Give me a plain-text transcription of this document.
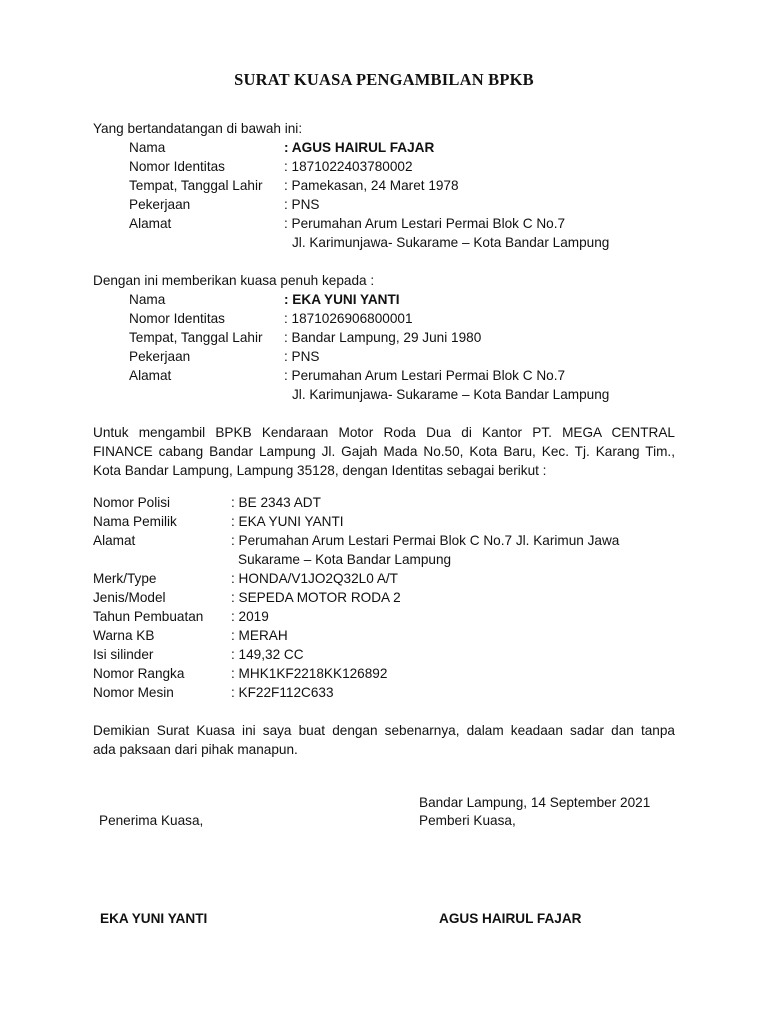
SURAT KUASA PENGAMBILAN BPKB
Yang bertandatangan di bawah ini:
Nama	: AGUS HAIRUL FAJAR
Nomor Identitas	: 1871022403780002
Tempat, Tanggal Lahir : Pamekasan, 24 Maret 1978
Pekerjaan	: PNS
Alamat	: Perumahan Arum Lestari Permai Blok C No.7
Jl. Karimunjawa- Sukarame – Kota Bandar Lampung
Dengan ini memberikan kuasa penuh kepada :
Nama	: EKA YUNI YANTI
Nomor Identitas	: 1871026906800001
Tempat, Tanggal Lahir : Bandar Lampung, 29 Juni 1980
Pekerjaan	: PNS
Alamat	: Perumahan Arum Lestari Permai Blok C No.7
Jl. Karimunjawa- Sukarame – Kota Bandar Lampung
Untuk mengambil BPKB Kendaraan Motor Roda Dua di Kantor PT. MEGA CENTRAL
FINANCE cabang Bandar Lampung Jl. Gajah Mada No.50, Kota Baru, Kec. Tj. Karang Tim.,
Kota Bandar Lampung, Lampung 35128, dengan Identitas sebagai berikut :
Nomor Polisi	: BE 2343 ADT
Nama Pemilik	: EKA YUNI YANTI
Alamat	: Perumahan Arum Lestari Permai Blok C No.7 Jl. Karimun Jawa
Sukarame – Kota Bandar Lampung
Merk/Type	: HONDA/V1JO2Q32L0 A/T
Jenis/Model	: SEPEDA MOTOR RODA 2
Tahun Pembuatan : 2019
Warna KB	: MERAH
Isi silinder	: 149,32 CC
Nomor Rangka	: MHK1KF2218KK126892
Nomor Mesin	: KF22F112C633
Demikian Surat Kuasa ini saya buat dengan sebenarnya, dalam keadaan sadar dan tanpa
ada paksaan dari pihak manapun.
Bandar Lampung, 14 September 2021
Penerima Kuasa,	Pemberi Kuasa,
EKA YUNI YANTI	AGUS HAIRUL FAJAR
